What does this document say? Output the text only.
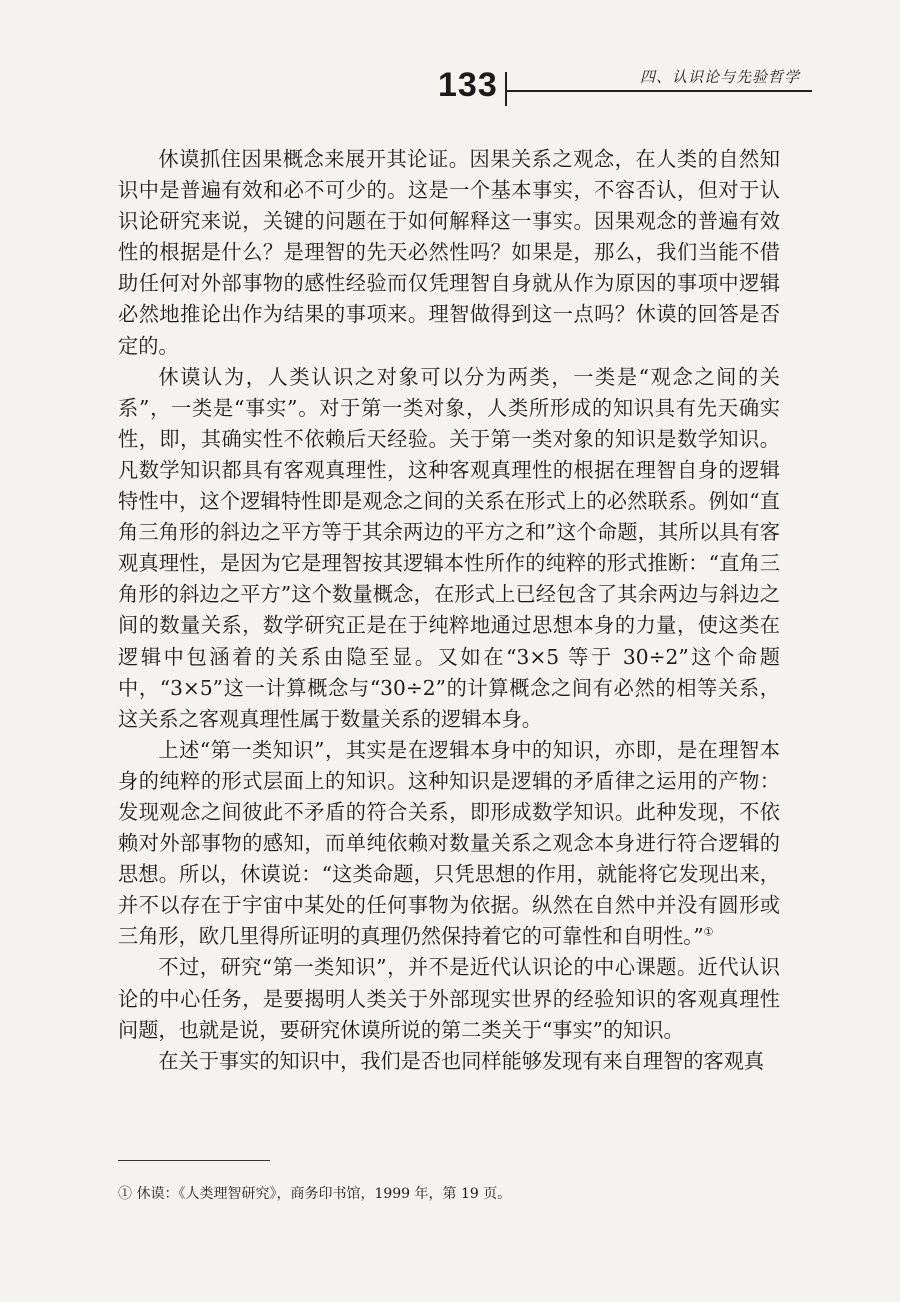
133	四、认识论与先验哲学

休谟抓住因果概念来展开其论证。因果关系之观念，在人类的自然知识中是普遍有效和必不可少的。这是一个基本事实，不容否认，但对于认识论研究来说，关键的问题在于如何解释这一事实。因果观念的普遍有效性的根据是什么？是理智的先天必然性吗？如果是，那么，我们当能不借助任何对外部事物的感性经验而仅凭理智自身就从作为原因的事项中逻辑必然地推论出作为结果的事项来。理智做得到这一点吗？休谟的回答是否定的。

休谟认为，人类认识之对象可以分为两类，一类是“观念之间的关系”，一类是“事实”。对于第一类对象，人类所形成的知识具有先天确实性，即，其确实性不依赖后天经验。关于第一类对象的知识是数学知识。凡数学知识都具有客观真理性，这种客观真理性的根据在理智自身的逻辑特性中，这个逻辑特性即是观念之间的关系在形式上的必然联系。例如“直角三角形的斜边之平方等于其余两边的平方之和”这个命题，其所以具有客观真理性，是因为它是理智按其逻辑本性所作的纯粹的形式推断：“直角三角形的斜边之平方”这个数量概念，在形式上已经包含了其余两边与斜边之间的数量关系，数学研究正是在于纯粹地通过思想本身的力量，使这类在逻辑中包涵着的关系由隐至显。又如在“3×5 等于 30÷2”这个命题中，“3×5”这一计算概念与“30÷2”的计算概念之间有必然的相等关系，这关系之客观真理性属于数量关系的逻辑本身。

上述“第一类知识”，其实是在逻辑本身中的知识，亦即，是在理智本身的纯粹的形式层面上的知识。这种知识是逻辑的矛盾律之运用的产物：发现观念之间彼此不矛盾的符合关系，即形成数学知识。此种发现，不依赖对外部事物的感知，而单纯依赖对数量关系之观念本身进行符合逻辑的思想。所以，休谟说：“这类命题，只凭思想的作用，就能将它发现出来，并不以存在于宇宙中某处的任何事物为依据。纵然在自然中并没有圆形或三角形，欧几里得所证明的真理仍然保持着它的可靠性和自明性。”①

不过，研究“第一类知识”，并不是近代认识论的中心课题。近代认识论的中心任务，是要揭明人类关于外部现实世界的经验知识的客观真理性问题，也就是说，要研究休谟所说的第二类关于“事实”的知识。

在关于事实的知识中，我们是否也同样能够发现有来自理智的客观真

① 休谟：《人类理智研究》，商务印书馆，1999 年，第 19 页。
